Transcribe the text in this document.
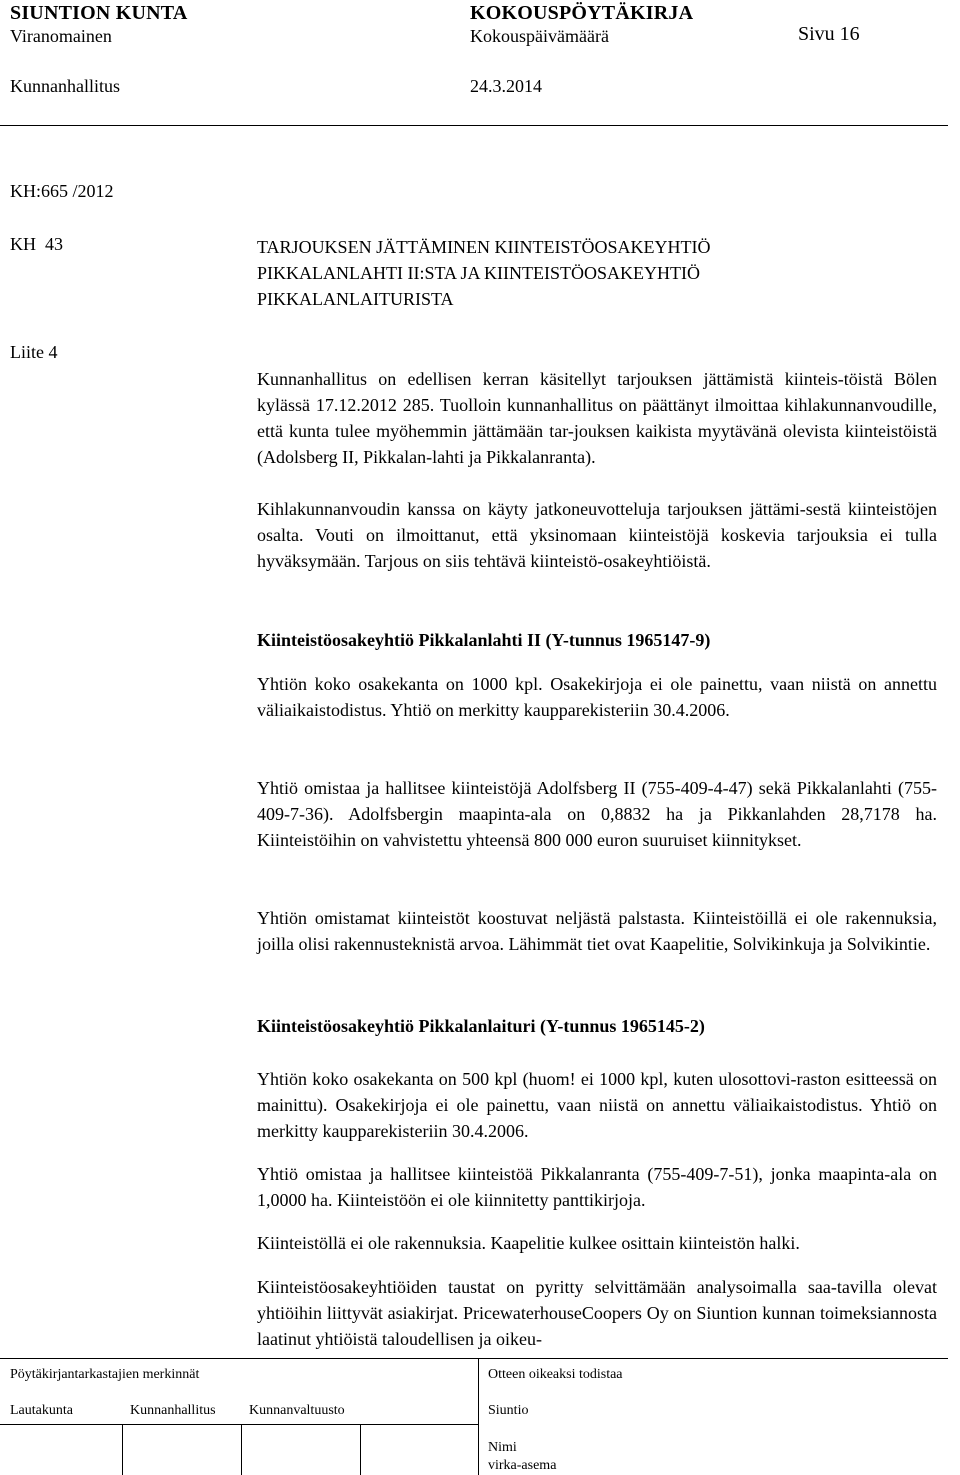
SIUNTION KUNTA	KOKOUSPÖYTÄKIRJA
Viranomainen	Kokouspäivämäärä	Sivu 16
Kunnanhallitus	24.3.2014
KH:665 /2012
KH  43
Liite 4
TARJOUKSEN JÄTTÄMINEN KIINTEISTÖOSAKEYHTIÖ
PIKKALANLAHTI II:STA JA KIINTEISTÖOSAKEYHTIÖ
PIKKALANLAITURISTA

Kunnanhallitus on edellisen kerran käsitellyt tarjouksen jättämistä kiinteis-töistä Bölen kylässä 17.12.2012 285. Tuolloin kunnanhallitus on päättänyt ilmoittaa kihlakunnanvoudille, että kunta tulee myöhemmin jättämään tar-jouksen kaikista myytävänä olevista kiinteistöistä (Adolsberg II, Pikkalan-lahti ja Pikkalanranta).

Kihlakunnanvoudin kanssa on käyty jatkoneuvotteluja tarjouksen jättämi-sestä kiinteistöjen osalta. Vouti on ilmoittanut, että yksinomaan kiinteistöjä koskevia tarjouksia ei tulla hyväksymään. Tarjous on siis tehtävä kiinteistö-osakeyhtiöistä.

Kiinteistöosakeyhtiö Pikkalanlahti II (Y-tunnus 1965147-9)

Yhtiön koko osakekanta on 1000 kpl. Osakekirjoja ei ole painettu, vaan niistä on annettu väliaikaistodistus. Yhtiö on merkitty kaupparekisteriin 30.4.2006.

Yhtiö omistaa ja hallitsee kiinteistöjä Adolfsberg II (755-409-4-47) sekä Pikkalanlahti (755-409-7-36). Adolfsbergin maapinta-ala on 0,8832 ha ja Pikkanlahden 28,7178 ha. Kiinteistöihin on vahvistettu yhteensä 800 000 euron suuruiset kiinnitykset.

Yhtiön omistamat kiinteistöt koostuvat neljästä palstasta. Kiinteistöillä ei ole rakennuksia, joilla olisi rakennusteknistä arvoa. Lähimmät tiet ovat Kaapelitie, Solvikinkuja ja Solvikintie.

Kiinteistöosakeyhtiö Pikkalanlaituri (Y-tunnus 1965145-2)

Yhtiön koko osakekanta on 500 kpl (huom! ei 1000 kpl, kuten ulosottovi-raston esitteessä on mainittu). Osakekirjoja ei ole painettu, vaan niistä on annettu väliaikaistodistus. Yhtiö on merkitty kaupparekisteriin 30.4.2006.

Yhtiö omistaa ja hallitsee kiinteistöä Pikkalanranta (755-409-7-51), jonka maapinta-ala on 1,0000 ha. Kiinteistöön ei ole kiinnitetty panttikirjoja.

Kiinteistöllä ei ole rakennuksia. Kaapelitie kulkee osittain kiinteistön halki.

Kiinteistöosakeyhtiöiden taustat on pyritty selvittämään analysoimalla saa-tavilla olevat yhtiöihin liittyvät asiakirjat. PricewaterhouseCoopers Oy on Siuntion kunnan toimeksiannosta laatinut yhtiöistä taloudellisen ja oikeu-

Pöytäkirjantarkastajien merkinnät	Otteen oikeaksi todistaa
Lautakunta	Kunnanhallitus Kunnanvaltuusto	Siuntio
Nimi
virka-asema
